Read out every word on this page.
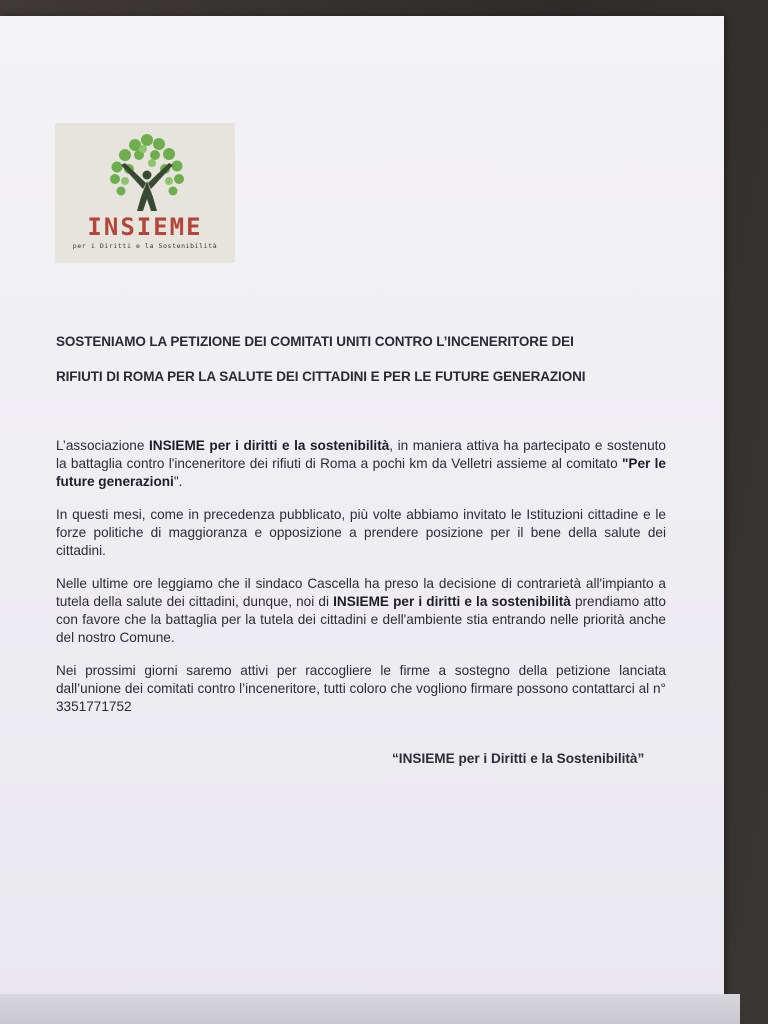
INSIEME
per i Diritti e la Sostenibilità
SOSTENIAMO LA PETIZIONE DEI COMITATI UNITI CONTRO L’INCENERITORE DEI
RIFIUTI DI ROMA PER LA SALUTE DEI CITTADINI E PER LE FUTURE GENERAZIONI
L’associazione INSIEME per i diritti e la sostenibilità, in maniera attiva ha partecipato e sostenuto la battaglia contro l'inceneritore dei rifiuti di Roma a pochi km da Velletri assieme al comitato "Per le future generazioni".
In questi mesi, come in precedenza pubblicato, più volte abbiamo invitato le Istituzioni cittadine e le forze politiche di maggioranza e opposizione a prendere posizione per il bene della salute dei cittadini.
Nelle ultime ore leggiamo che il sindaco Cascella ha preso la decisione di contrarietà all'impianto a tutela della salute dei cittadini, dunque, noi di INSIEME per i diritti e la sostenibilità prendiamo atto con favore che la battaglia per la tutela dei cittadini e dell'ambiente stia entrando nelle priorità anche del nostro Comune.
Nei prossimi giorni saremo attivi per raccogliere le firme a sostegno della petizione lanciata dall’unione dei comitati contro l’inceneritore, tutti coloro che vogliono firmare possono contattarci al n° 3351771752
“INSIEME per i Diritti e la Sostenibilità”
